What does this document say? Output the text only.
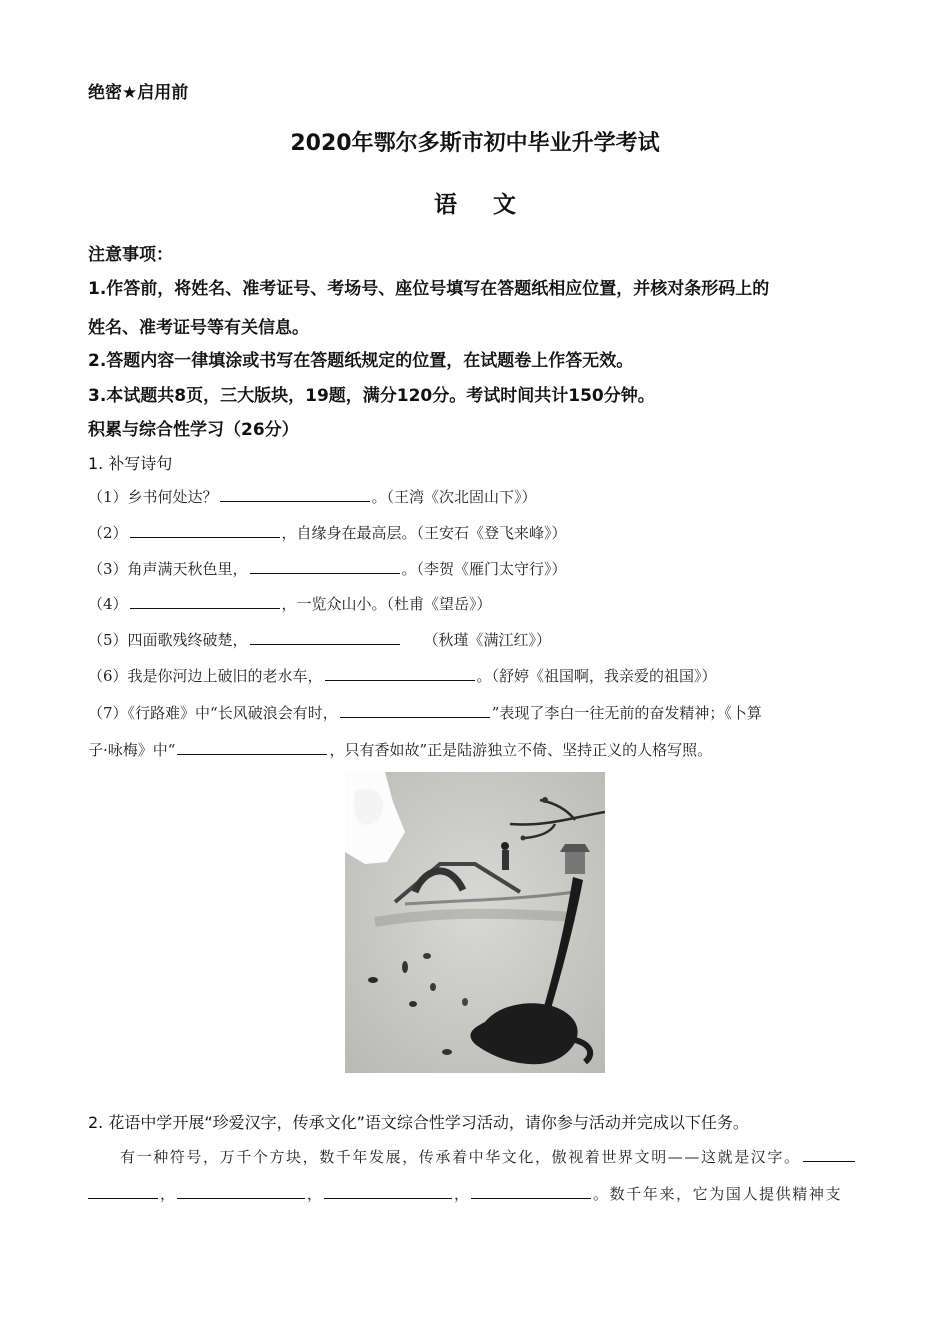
绝密★启用前
2020年鄂尔多斯市初中毕业升学考试
语 文
注意事项：
1.作答前，将姓名、准考证号、考场号、座位号填写在答题纸相应位置，并核对条形码上的
姓名、准考证号等有关信息。
2.答题内容一律填涂或书写在答题纸规定的位置，在试题卷上作答无效。
3.本试题共8页，三大版块，19题，满分120分。考试时间共计150分钟。
积累与综合性学习（26分）
1. 补写诗句
（1）乡书何处达？	。（王湾《次北固山下》）
（2）	，自缘身在最高层。（王安石《登飞来峰》）
（3）角声满天秋色里，	。（李贺《雁门太守行》）
（4）	，一览众山小。（杜甫《望岳》）
（5）四面歌残终破楚，	（秋瑾《满江红》）
（6）我是你河边上破旧的老水车，	。（舒婷《祖国啊，我亲爱的祖国》）
（7）《行路难》中“长风破浪会有时，	”表现了李白一往无前的奋发精神；《卜算
子·咏梅》中“	，只有香如故”正是陆游独立不倚、坚持正义的人格写照。
2. 花语中学开展“珍爱汉字，传承文化”语文综合性学习活动，请你参与活动并完成以下任务。
有一种符号，万千个方块，数千年发展，传承着中华文化，傲视着世界文明——这就是汉字。
，	，	，	。数千年来，它为国人提供精神支
